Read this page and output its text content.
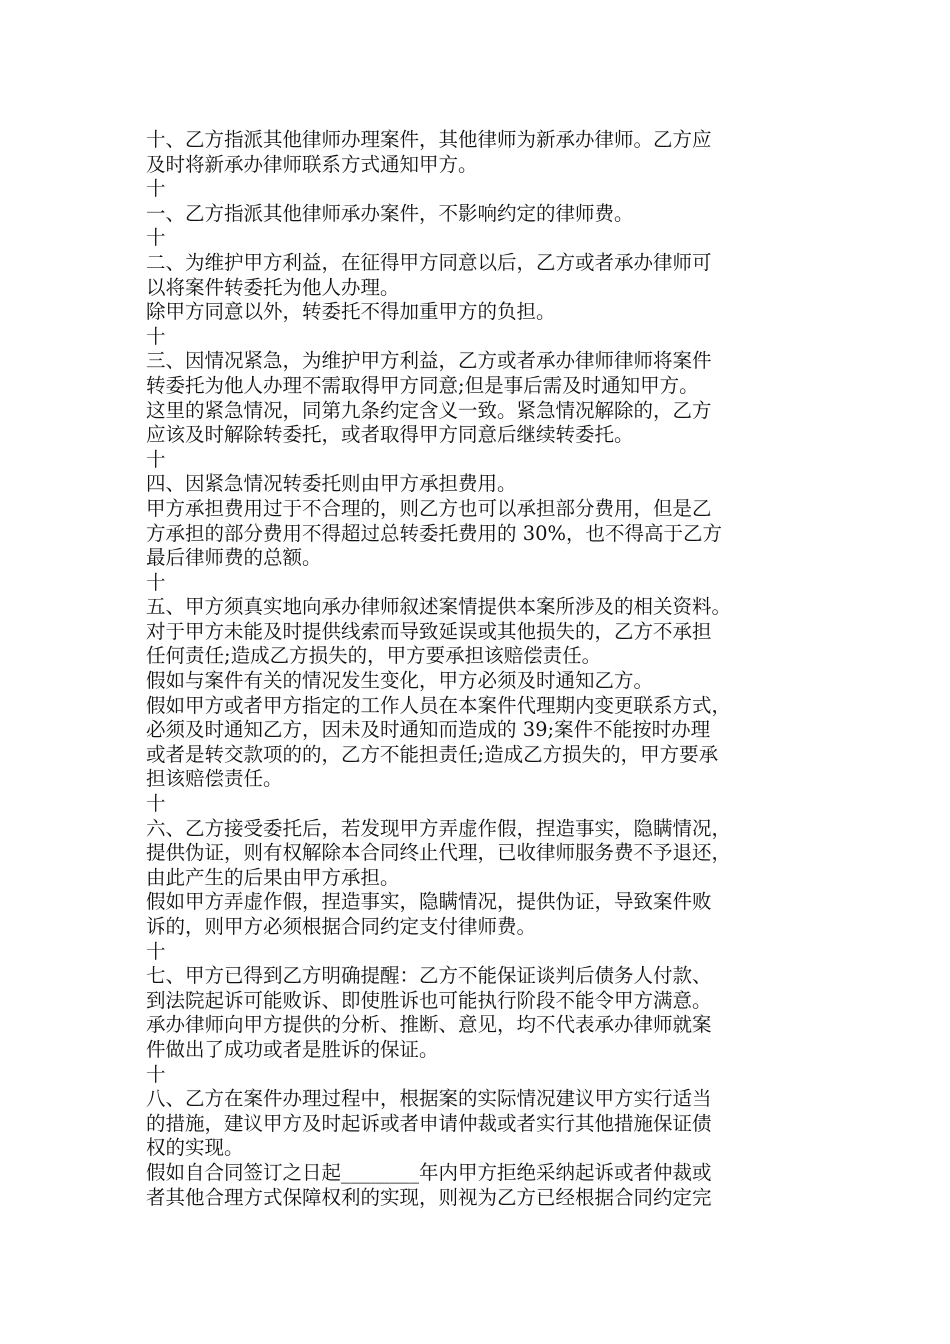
十、乙方指派其他律师办理案件，其他律师为新承办律师。乙方应
及时将新承办律师联系方式通知甲方。
十
一、乙方指派其他律师承办案件，不影响约定的律师费。
十
二、为维护甲方利益，在征得甲方同意以后，乙方或者承办律师可
以将案件转委托为他人办理。
除甲方同意以外，转委托不得加重甲方的负担。
十
三、因情况紧急，为维护甲方利益，乙方或者承办律师律师将案件
转委托为他人办理不需取得甲方同意;但是事后需及时通知甲方。
这里的紧急情况，同第九条约定含义一致。紧急情况解除的，乙方
应该及时解除转委托，或者取得甲方同意后继续转委托。
十
四、因紧急情况转委托则由甲方承担费用。
甲方承担费用过于不合理的，则乙方也可以承担部分费用，但是乙
方承担的部分费用不得超过总转委托费用的 30%，也不得高于乙方
最后律师费的总额。
十
五、甲方须真实地向承办律师叙述案情提供本案所涉及的相关资料。
对于甲方未能及时提供线索而导致延误或其他损失的，乙方不承担
任何责任;造成乙方损失的，甲方要承担该赔偿责任。
假如与案件有关的情况发生变化，甲方必须及时通知乙方。
假如甲方或者甲方指定的工作人员在本案件代理期内变更联系方式，
必须及时通知乙方，因未及时通知而造成的 39;案件不能按时办理
或者是转交款项的的，乙方不能担责任;造成乙方损失的，甲方要承
担该赔偿责任。
十
六、乙方接受委托后，若发现甲方弄虚作假，捏造事实，隐瞒情况，
提供伪证，则有权解除本合同终止代理，已收律师服务费不予退还，
由此产生的后果由甲方承担。
假如甲方弄虚作假，捏造事实，隐瞒情况，提供伪证，导致案件败
诉的，则甲方必须根据合同约定支付律师费。
十
七、甲方已得到乙方明确提醒：乙方不能保证谈判后债务人付款、
到法院起诉可能败诉、即使胜诉也可能执行阶段不能令甲方满意。
承办律师向甲方提供的分析、推断、意见，均不代表承办律师就案
件做出了成功或者是胜诉的保证。
十
八、乙方在案件办理过程中，根据案的实际情况建议甲方实行适当
的措施，建议甲方及时起诉或者申请仲裁或者实行其他措施保证债
权的实现。
假如自合同签订之日起________年内甲方拒绝采纳起诉或者仲裁或
者其他合理方式保障权利的实现，则视为乙方已经根据合同约定完
